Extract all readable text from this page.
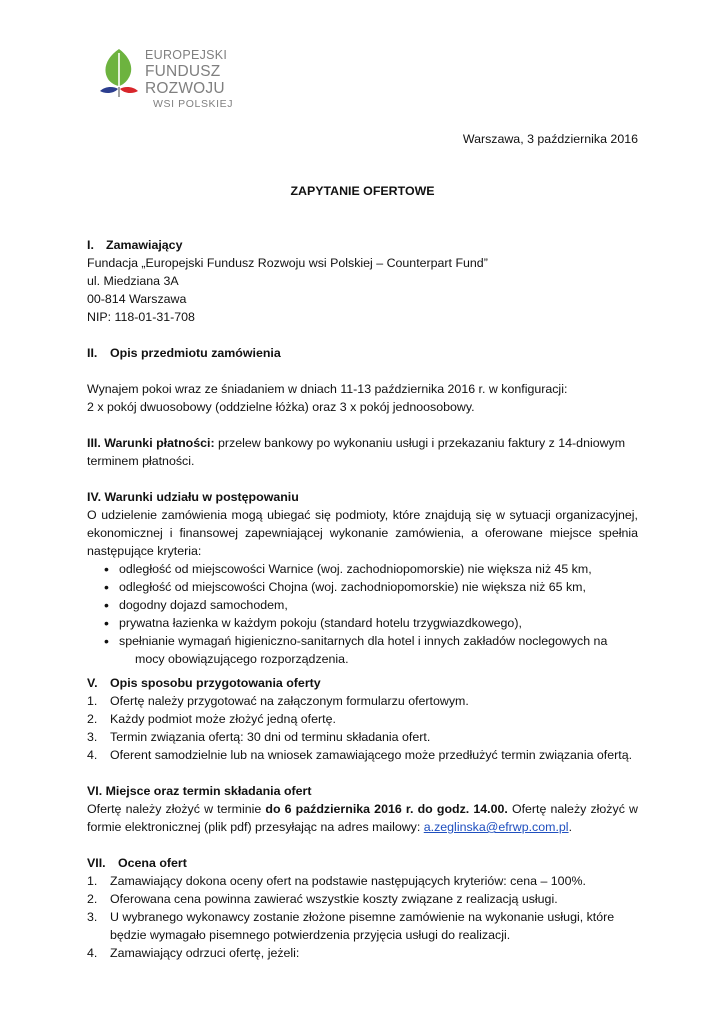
EUROPEJSKI
FUNDUSZ
ROZWOJU
WSI POLSKIEJ
Warszawa, 3 października 2016
ZAPYTANIE OFERTOWE
I. Zamawiający

Fundacja „Europejski Fundusz Rozwoju wsi Polskiej – Counterpart Fund”

ul. Miedziana 3A

00-814 Warszawa

NIP: 118-01-31-708

II. Opis przedmiotu zamówienia

Wynajem pokoi wraz ze śniadaniem w dniach 11-13 października 2016 r. w konfiguracji:

2 x pokój dwuosobowy (oddzielne łóżka) oraz 3 x pokój jednoosobowy.

III. Warunki płatności: przelew bankowy po wykonaniu usługi i przekazaniu faktury z 14-dniowym terminem płatności.

IV. Warunki udziału w postępowaniu

O udzielenie zamówienia mogą ubiegać się podmioty, które znajdują się w sytuacji organizacyjnej, ekonomicznej i finansowej zapewniającej wykonanie zamówienia, a oferowane miejsce spełnia następujące kryteria:

• odległość od miejscowości Warnice (woj. zachodniopomorskie) nie większa niż 45 km,
• odległość od miejscowości Chojna (woj. zachodniopomorskie) nie większa niż 65 km,
• dogodny dojazd samochodem,
• prywatna łazienka w każdym pokoju (standard hotelu trzygwiazdkowego),
• spełnianie wymagań higieniczno-sanitarnych dla hotel i innych zakładów noclegowych na
mocy obowiązującego rozporządzenia.
V. Opis sposobu przygotowania oferty
1. Ofertę należy przygotować na załączonym formularzu ofertowym.
2. Każdy podmiot może złożyć jedną ofertę.
3. Termin związania ofertą: 30 dni od terminu składania ofert.
4. Oferent samodzielnie lub na wniosek zamawiającego może przedłużyć termin związania ofertą.
VI. Miejsce oraz termin składania ofert

Ofertę należy złożyć w terminie do 6 października 2016 r. do godz. 14.00. Ofertę należy złożyć w formie elektronicznej (plik pdf) przesyłając na adres mailowy: a.zeglinska@efrwp.com.pl.

VII. Ocena ofert
1. Zamawiający dokona oceny ofert na podstawie następujących kryteriów: cena – 100%.
2. Oferowana cena powinna zawierać wszystkie koszty związane z realizacją usługi.
3. U wybranego wykonawcy zostanie złożone pisemne zamówienie na wykonanie usługi, które
będzie wymagało pisemnego potwierdzenia przyjęcia usługi do realizacji.
4. Zamawiający odrzuci ofertę, jeżeli:
